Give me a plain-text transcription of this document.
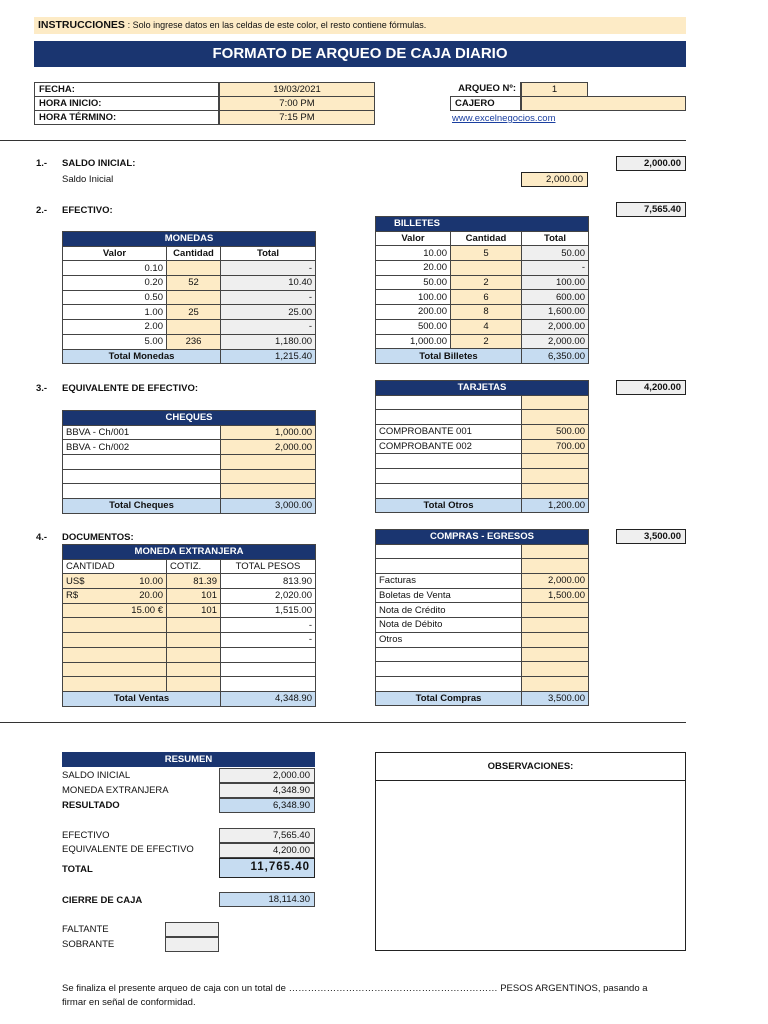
INSTRUCCIONES : Solo ingrese datos en las celdas de este color, el resto contiene fórmulas.
FORMATO DE ARQUEO DE CAJA DIARIO
FECHA:	19/03/2021
HORA INICIO:	7:00 PM
HORA TÉRMINO:	7:15 PM
ARQUEO Nº:	1
CAJERO
www.excelnegocios.com
1.- SALDO INICIAL:	2,000.00
Saldo Inicial	2,000.00
2.- EFECTIVO:	7,565.40
MONEDAS		
Valor	Cantidad	Total
0.10		-
0.20	52	10.40
0.50		-
1.00	25	25.00
2.00		-
5.00	236	1,180.00
Total Monedas		1,215.40
BILLETES		
Valor	Cantidad	Total
10.00	5	50.00
20.00		-
50.00	2	100.00
100.00	6	600.00
200.00	8	1,600.00
500.00	4	2,000.00
1,000.00	2	2,000.00
Total Billetes		6,350.00
3.- EQUIVALENTE DE EFECTIVO:	4,200.00
CHEQUES	
BBVA - Ch/001	1,000.00
BBVA - Ch/002	2,000.00

Total Cheques	3,000.00
TARJETAS	

COMPROBANTE 001	500.00
COMPROBANTE 002	700.00

Total Otros	1,200.00
4.- DOCUMENTOS:	3,500.00
MONEDA EXTRANJERA		
CANTIDAD	COTIZ.	TOTAL PESOS

US$ 10.00	81.39	813.90

R$ 20.00	101	2,020.00

15.00 €	101	1,515.00

		-

		-

Total Ventas		4,348.90
COMPRAS - EGRESOS	

Facturas	2,000.00
Boletas de Venta	1,500.00
Nota de Crédito	
Nota de Débito	
Otros	

Total Compras	3,500.00
RESUMEN
SALDO INICIAL	2,000.00
MONEDA EXTRANJERA	4,348.90
RESULTADO	6,348.90
EFECTIVO	7,565.40
EQUIVALENTE DE EFECTIVO	4,200.00
TOTAL	11,765.40
CIERRE DE CAJA	18,114.30
FALTANTE
SOBRANTE
OBSERVACIONES:
Se finaliza el presente arqueo de caja con un total de ………………………………………………………… PESOS ARGENTINOS, pasando a
firmar en señal de conformidad.
